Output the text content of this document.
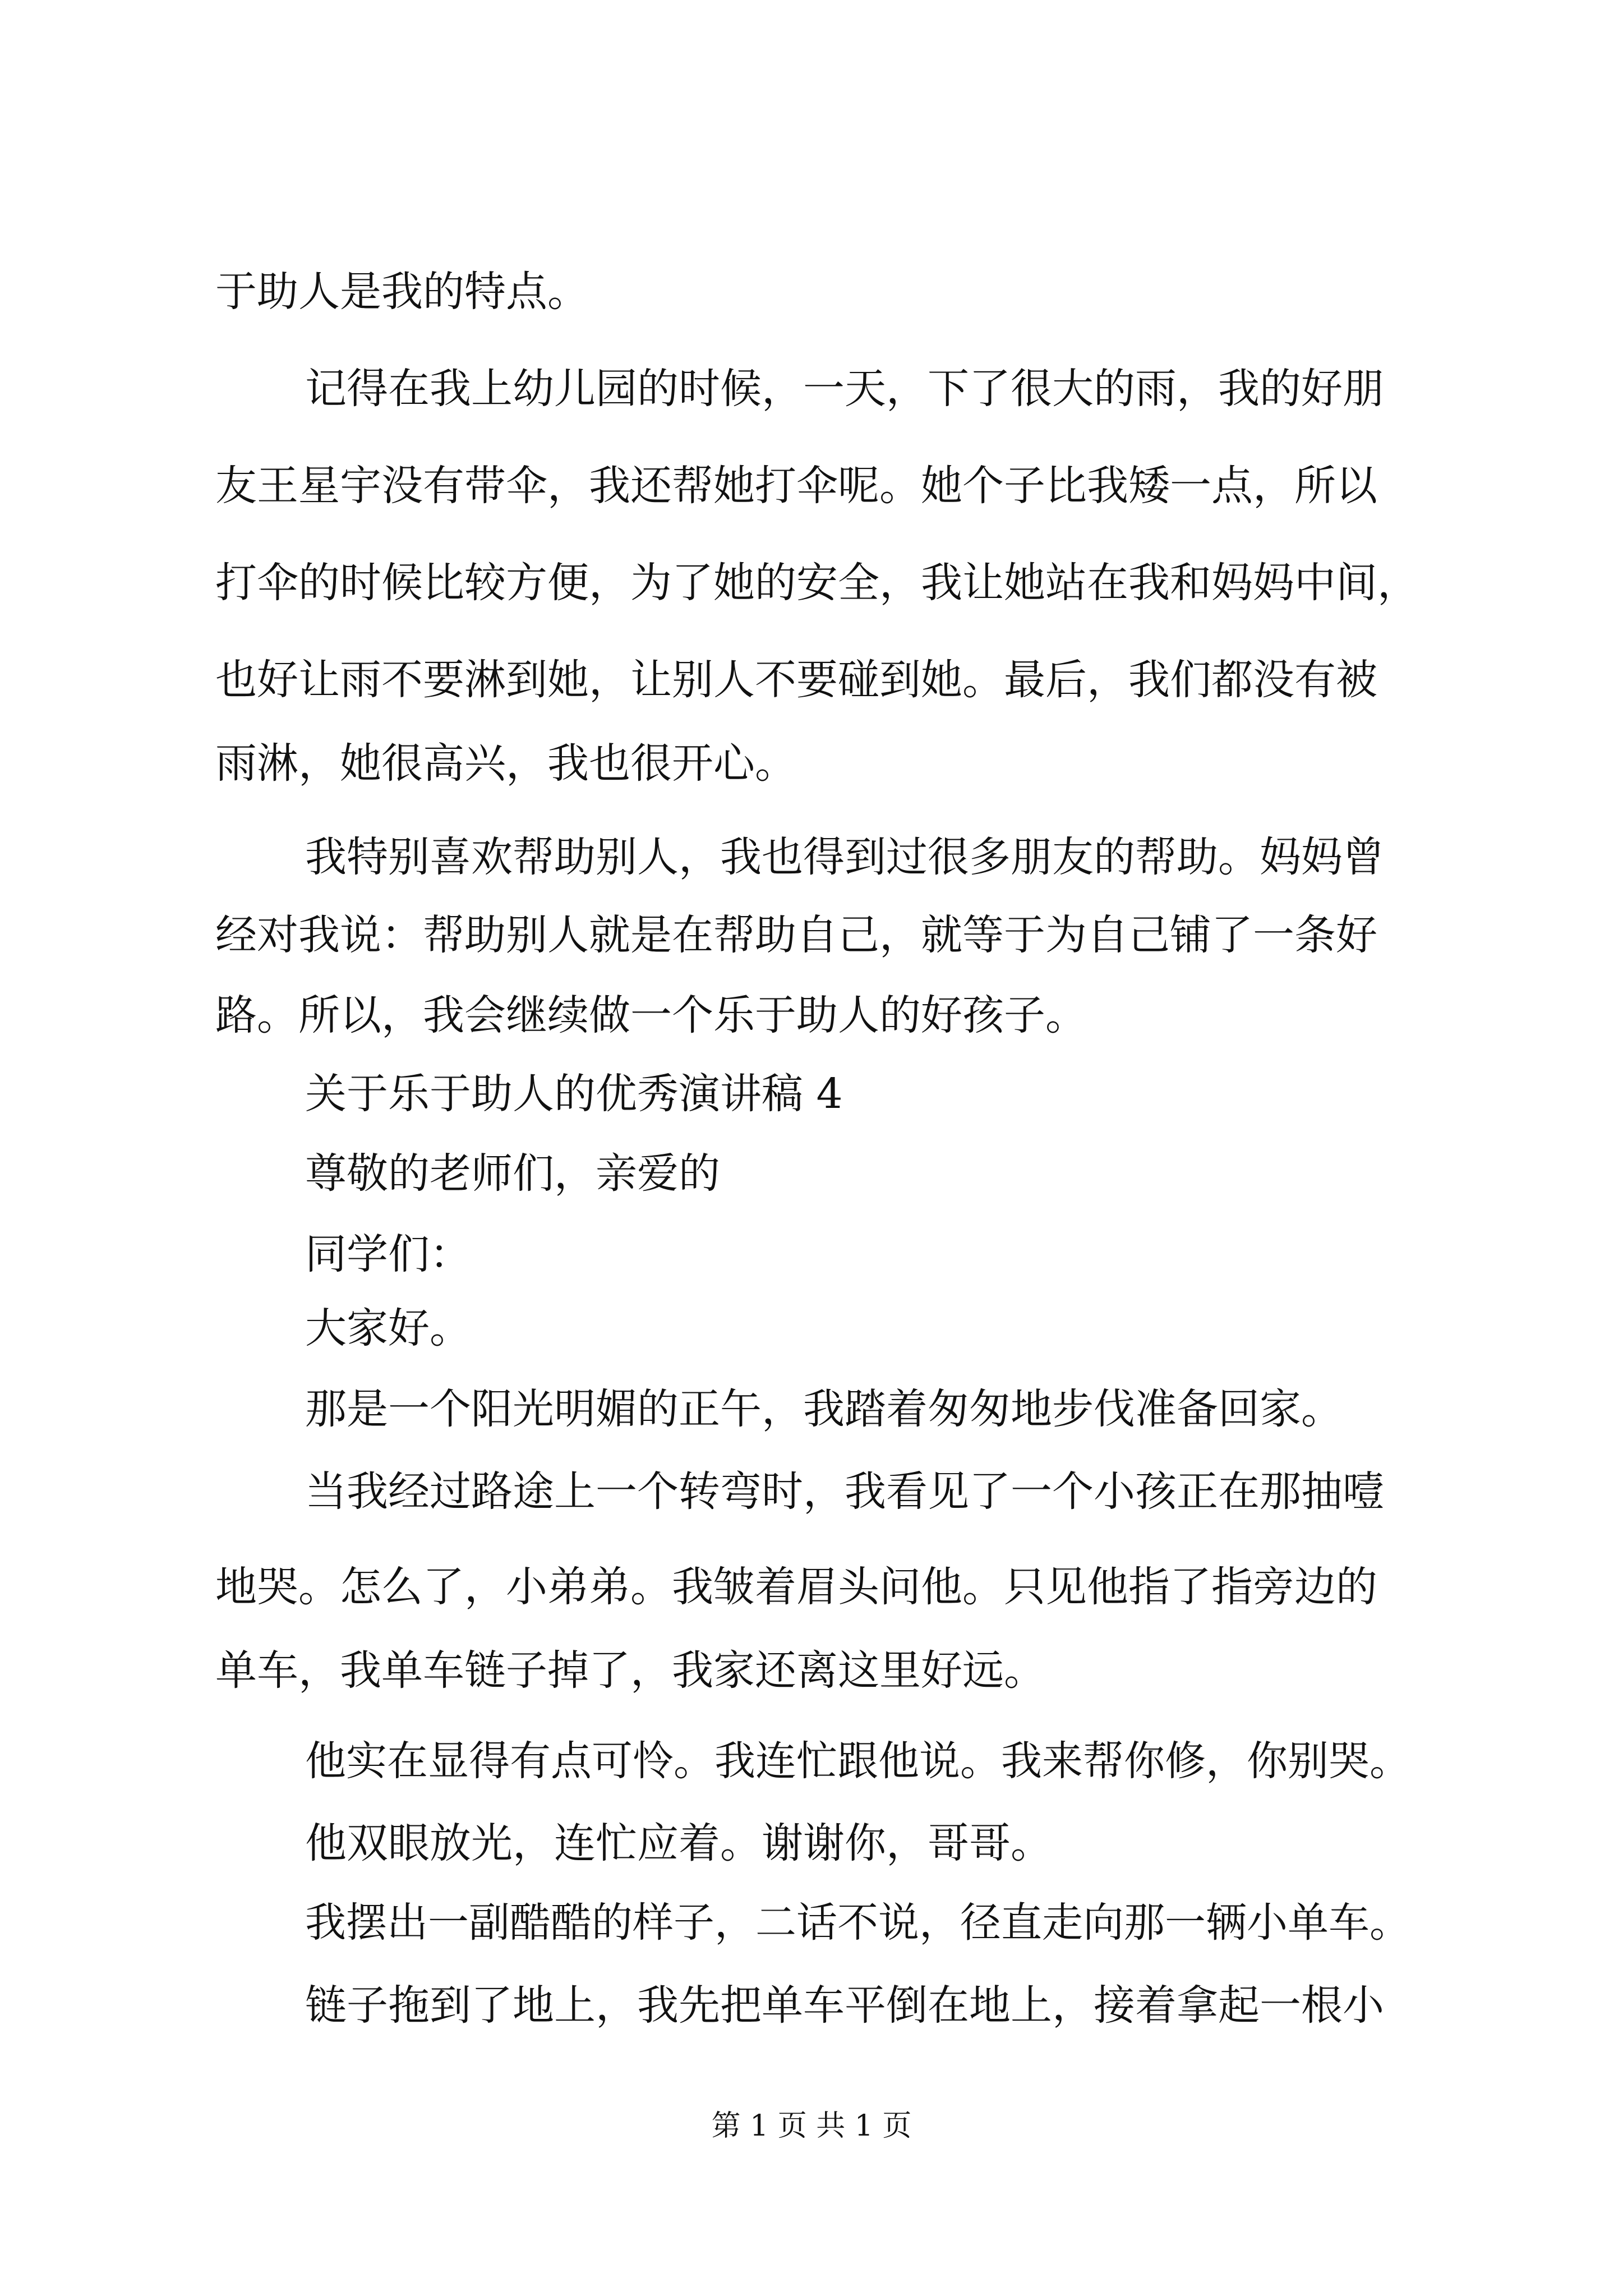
于助人是我的特点。
记得在我上幼儿园的时候，一天，下了很大的雨，我的好朋
友王星宇没有带伞，我还帮她打伞呢。她个子比我矮一点，所以
打伞的时候比较方便，为了她的安全，我让她站在我和妈妈中间，
也好让雨不要淋到她，让别人不要碰到她。最后，我们都没有被
雨淋，她很高兴，我也很开心。
我特别喜欢帮助别人，我也得到过很多朋友的帮助。妈妈曾
经对我说：帮助别人就是在帮助自己，就等于为自己铺了一条好
路。所以，我会继续做一个乐于助人的好孩子。
关于乐于助人的优秀演讲稿 4
尊敬的老师们，亲爱的
同学们：
大家好。
那是一个阳光明媚的正午，我踏着匆匆地步伐准备回家。
当我经过路途上一个转弯时，我看见了一个小孩正在那抽噎
地哭。怎么了，小弟弟。我皱着眉头问他。只见他指了指旁边的
单车，我单车链子掉了，我家还离这里好远。
他实在显得有点可怜。我连忙跟他说。我来帮你修，你别哭。
他双眼放光，连忙应着。谢谢你，哥哥。
我摆出一副酷酷的样子，二话不说，径直走向那一辆小单车。
链子拖到了地上，我先把单车平倒在地上，接着拿起一根小
第 1 页 共 1 页
